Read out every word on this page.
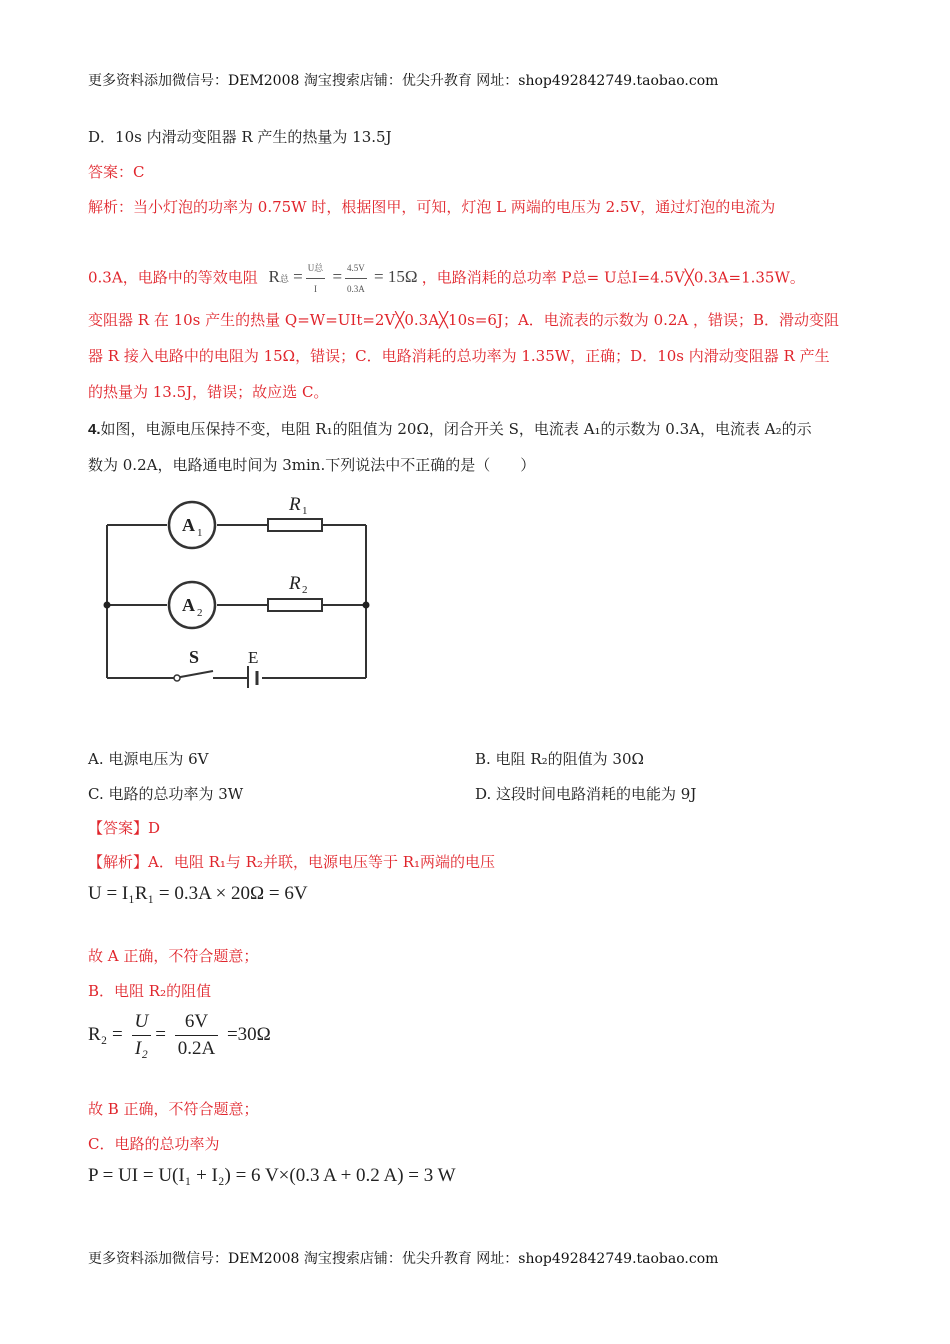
更多资料添加微信号：DEM2008 淘宝搜索店铺：优尖升教育 网址：shop492842749.taobao.com
D．10s 内滑动变阻器 R 产生的热量为 13.5J
答案：C
解析：当小灯泡的功率为 0.75W 时，根据图甲，可知，灯泡 L 两端的电压为 2.5V，通过灯泡的电流为
0.3A，电路中的等效电阻 R总 = $\frac{\text{U总}}{I} = \frac{4.5V}{0.3A} = 15\Omega$ ，电路消耗的总功率 P总= U总I=4.5V╳0.3A=1.35W。
变阻器 R 在 10s 产生的热量 Q=W=UIt=2V╳0.3A╳10s=6J；A．电流表的示数为 0.2A ，错误；B．滑动变阻
器 R 接入电路中的电阻为 15Ω，错误；C．电路消耗的总功率为 1.35W，正确；D．10s 内滑动变阻器 R 产生
的热量为 13.5J，错误；故应选 C。
4.如图，电源电压保持不变，电阻 R₁的阻值为 20Ω，闭合开关 S，电流表 A₁的示数为 0.3A，电流表 A₂的示
数为 0.2A，电路通电时间为 3min.下列说法中不正确的是（　　）
A 1
A 2
R 1
R 2
S	E
A. 电源电压为 6V	B. 电阻 R₂的阻值为 30Ω
C. 电路的总功率为 3W	D. 这段时间电路消耗的电能为 9J
【答案】D
【解析】A．电阻 R₁与 R₂并联，电源电压等于 R₁两端的电压
U = I₁R₁ = 0.3A × 20Ω = 6V
故 A 正确，不符合题意；
B．电阻 R₂的阻值
$R_2 = \frac{U}{\text{I₂}} = \frac{6V}{0.2A} =30\Omega$
故 B 正确，不符合题意；
C．电路的总功率为
P = UI = U(I₁ + I₂) = 6 V×(0.3 A + 0.2 A) = 3 W
更多资料添加微信号：DEM2008 淘宝搜索店铺：优尖升教育 网址：shop492842749.taobao.com
